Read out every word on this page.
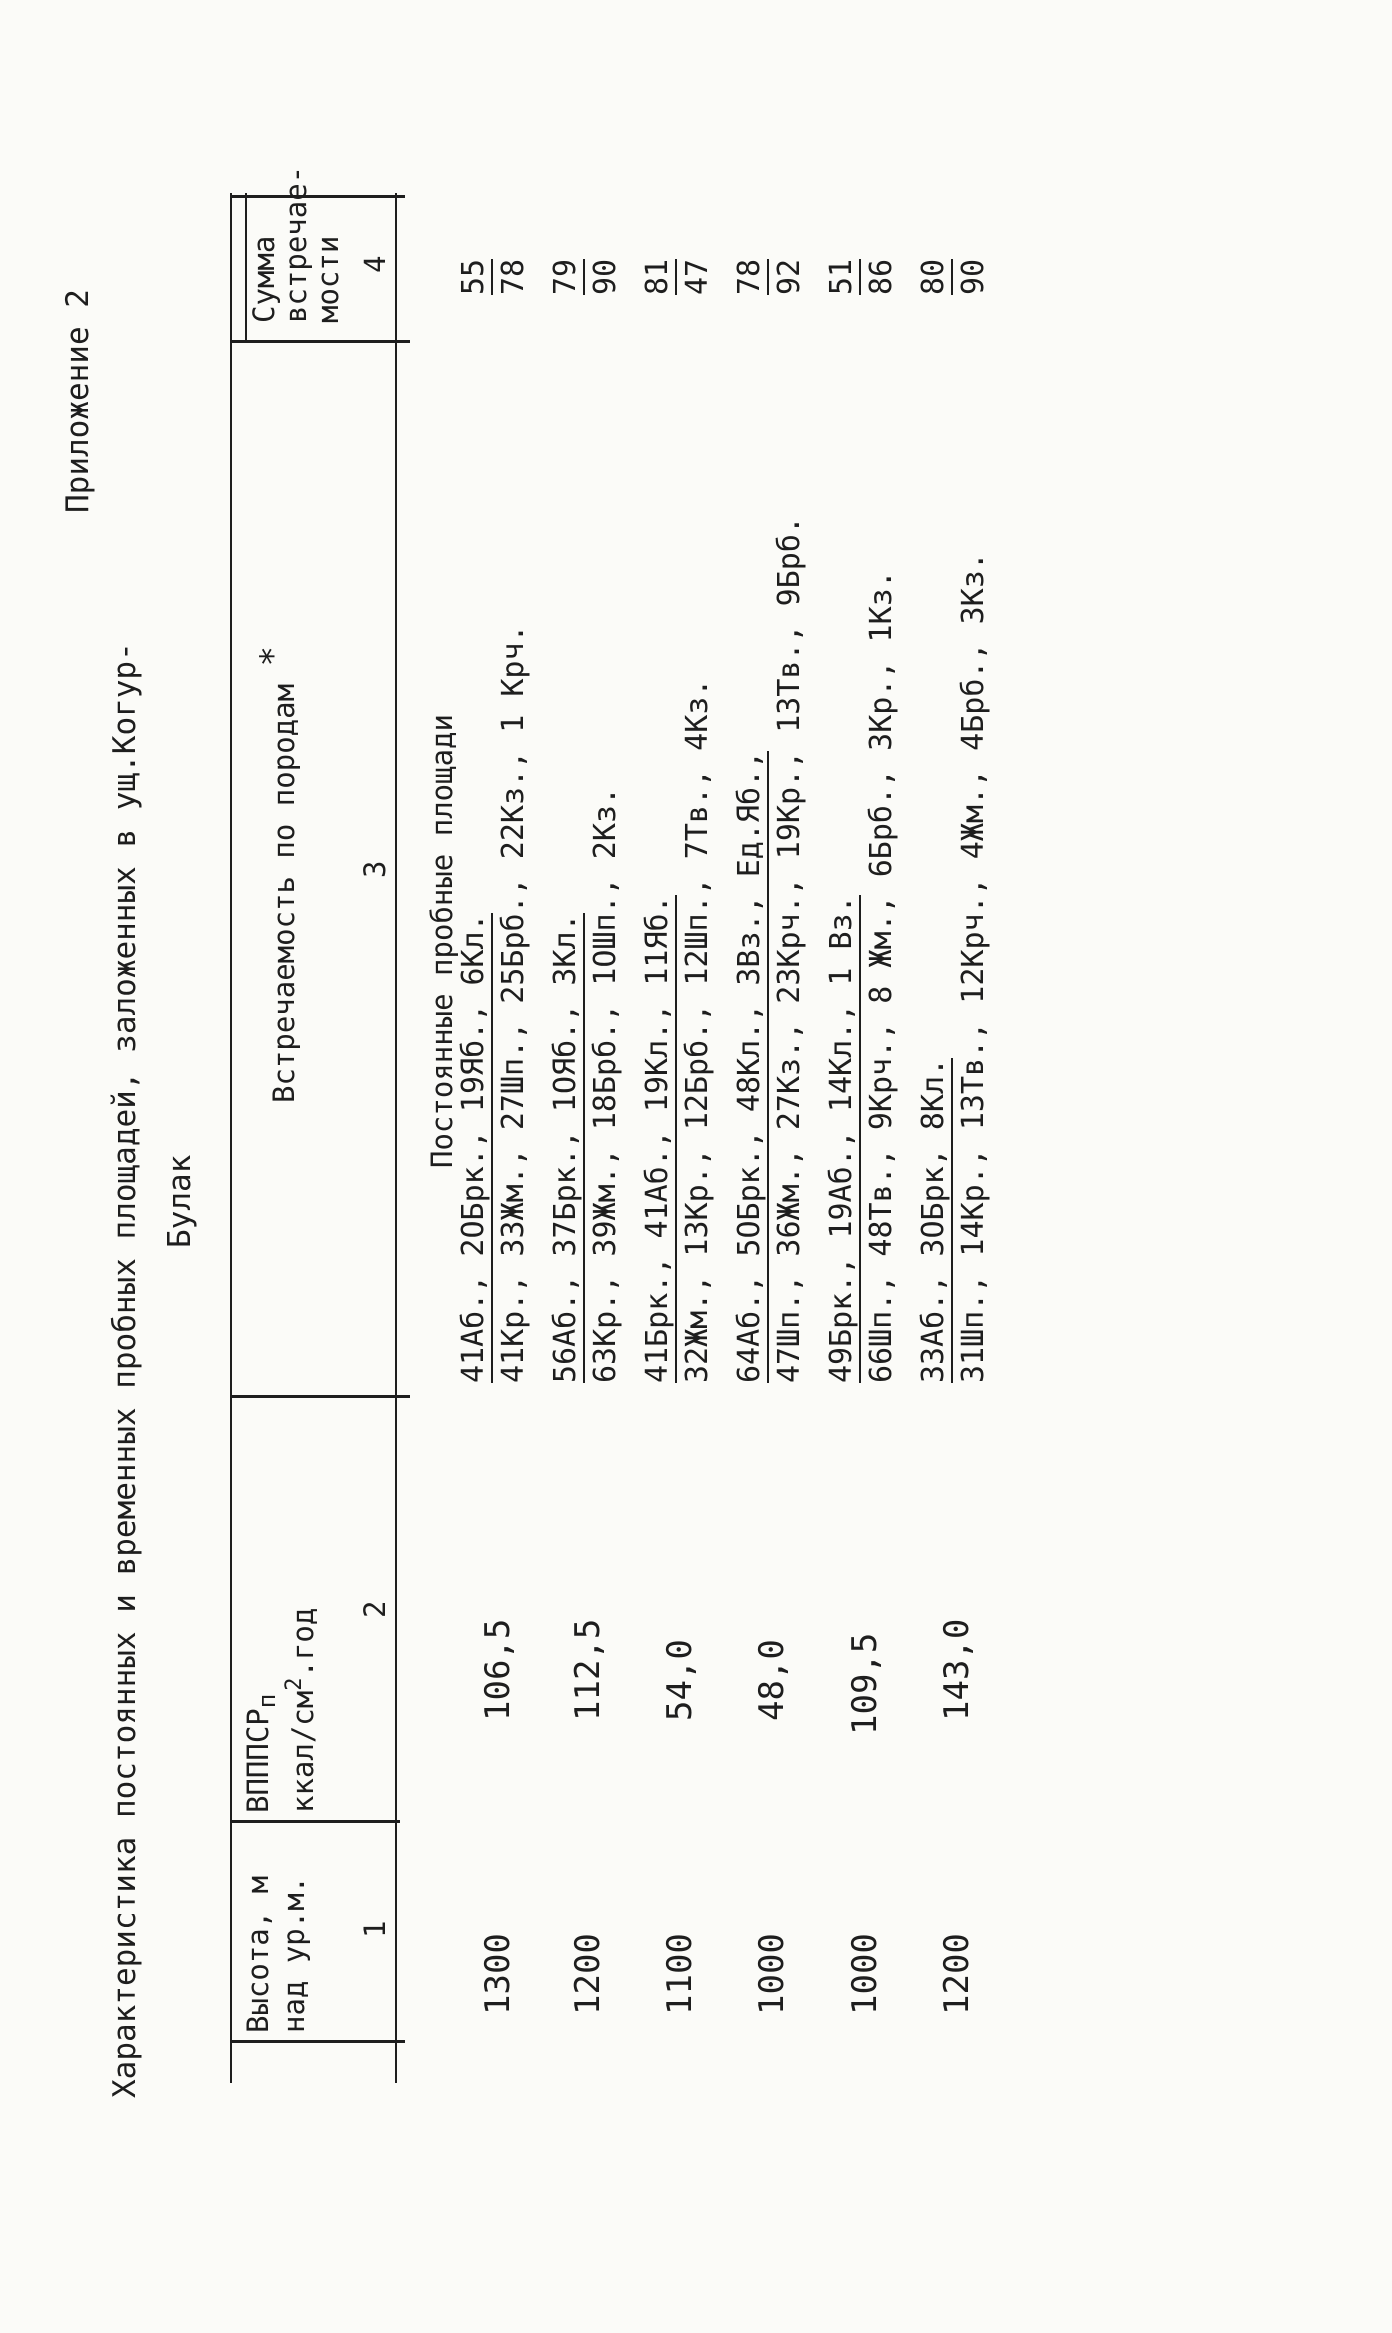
Приложение 2
Характеристика постоянных и временных пробных площадей, заложенных в ущ.Когур- Булак
Высота, м над ур.м.
$ВПППСР_п$ ккал/$см^2.год$
Встречаемость по породам *
Сумма
встречае-
мости
1
2
3
4
Постоянные пробные площади
1300
106,5
41Аб., 2ОБрк., 19Яб., 6Кл. 41Кр., 33Жм., 27Шп., 25Брб., 22Кз., 1 Крч.
55 78
1200
112,5
56Аб., 37Брк., 1ОЯб., 3Кл. 63Кр., 39Жм., 18Брб., 1ОШп., 2Кз.
79 90
1100
54,0
41Брк., 41Аб., 19Кл., 11Яб. 32Жм., 13Кр., 12Брб., 12Шп., 7Тв., 4Кз.
81 47
1000
48,0
64Аб., 5ОБрк., 48Кл., 3Вз., Ед.Яб., 47Шп., 36Жм., 27Кз., 23Крч., 19Кр., 13Тв., 9Брб.
78 92
1000
109,5
49Брк., 19Аб., 14Кл., 1 Вз. 66Шп., 48Тв., 9Крч., 8 Жм., 6Брб., 3Кр., 1Кз.
51 86
1200
143,0
33Аб., 3ОБрк, 8Кл. 31Шп., 14Кр., 13Тв., 12Крч., 4Жм., 4Брб., 3Кз.
80 90
